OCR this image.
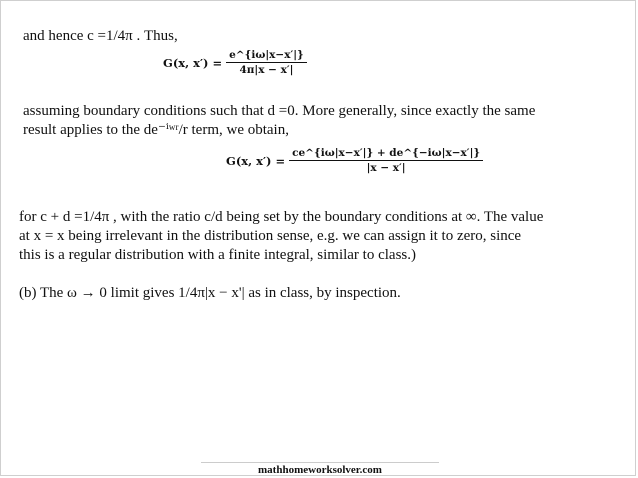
and hence c =1/4π . Thus,

G(x, $x') = \frac{e\^{}\{i\omega|x-x'|\}}{4\pi|x - x'|}$

assuming boundary conditions such that d =0. More generally, since exactly the same

result applies to the de⁻ⁱʷʳ/r term, we obtain,

G(x, $x') = \frac{ce\^{}\{i\omega|x-x'|\} + de\^{}\{-i\omega|x-x'|\}}{|x - x'|}$

for c + d =1/4π , with the ratio c/d being set by the boundary conditions at ∞. The value

at x = x being irrelevant in the distribution sense, e.g. we can assign it to zero, since

this is a regular distribution with a finite integral, similar to class.)

(b) The ω → 0 limit gives 1/4π|x − x'| as in class, by inspection.

mathhomeworksolver.com
